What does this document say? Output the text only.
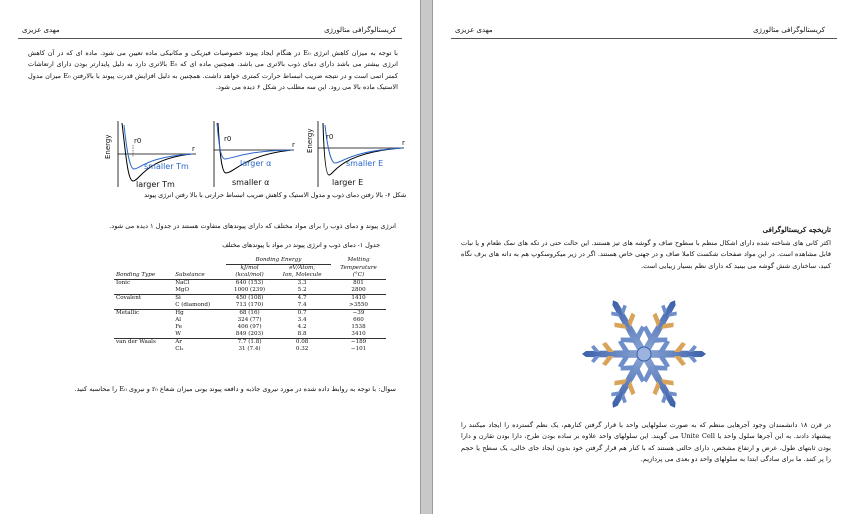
مهدی عزیزی	کریستالوگرافی متالورژی
با توجه به میزان کاهش انرژی E₀ در هنگام ایجاد پیوند خصوصیات فیزیکی و مکانیکی ماده تعیین می شود. ماده ای که در آن کاهش انرژی بیشتر می باشد دارای دمای ذوب بالاتری می باشد. همچنین ماده ای که E₀ بالاتری دارد به دلیل پایدارتر بودن دارای ارتعاشات کمتر اتمی است و در نتیجه ضریب انبساط حرارت کمتری خواهد داشت. همچنین به دلیل افزایش قدرت پیوند با بالارفتن E₀ میزان مدول الاستیک ماده بالا می رود. این سه مطلب در شکل ۶ دیده می شود.
Energy	r0
r
smaller Tm
larger Tm
r0
r
larger α
smaller α
Energy r0
r
smaller E
larger E
شکل ۶- بالا رفتن دمای ذوب و مدول الاستیک و کاهش ضریب انبساط حرارتی با بالا رفتن انرژی پیوند
انرژی پیوند و دمای ذوب را برای مواد مختلف که دارای پیوندهای متفاوت هستند در جدول ۱ دیده می شود.
جدول ۱- دمای ذوب و انرژی پیوند در مواد با پیوندهای مختلف
		Bonding Energy		Melting
		kJ/mol	eV/Atom,	Temperature
Bonding Type	Substance	(kcal/mol)	Ion, Molecule	(°C)
Ionic	NaCl	640 (153)	3.3	801
	MgO	1000 (239)	5.2	2800
Covalent	Si	450 (108)	4.7	1410
	C (diamond)	713 (170)	7.4	>3550
Metallic	Hg	68 (16)	0.7	−39
	Al	324 (77)	3.4	660
	Fe	406 (97)	4.2	1538
	W	849 (203)	8.8	3410
van der Waals	Ar	7.7 (1.8)	0.08	−189
	Cl₂	31 (7.4)	0.32	−101
سوال: با توجه به روابط داده شده در مورد نیروی جاذبه و دافعه پیوند یونی میزان شعاع r₀ و نیروی E₀ را محاسبه کنید.
مهدی عزیزی	کریستالوگرافی متالورژی
تاریخچه کریستالوگرافی
اکثر کانی های شناخته شده دارای اشکال منظم با سطوح صاف و گوشه های تیز هستند. این حالت حتی در تکه های نمک طعام و یا نبات قابل مشاهده است. در این مواد صفحات شکست کاملا صاف و در جهتی خاص هستند. اگر در زیر میکروسکوپ هم به دانه های برف نگاه کنید، ساختاری شش گوشه می بینید که دارای نظم بسیار زیبایی است.
در قرن ۱۸ دانشمندان وجود آجرهایی منظم که به صورت سلولهایی واحد با قرار گرفتن کنارهم، یک نظم گسترده را ایجاد میکنند را پیشنهاد دادند. به این آجرها سلول واحد یا Unite Cell می گویند. این سلولهای واحد علاوه بر ساده بودن طرح، دارا بودن تقارن و دارا بودن ثابتهای طول، عرض و ارتفاع مشخص، دارای حالتی هستند که با کنار هم قرار گرفتن خود بدون ایجاد جای خالی، یک سطح یا حجم را پر کنند. ما برای سادگی ابتدا به سلولهای واحد دو بعدی می پردازیم.
